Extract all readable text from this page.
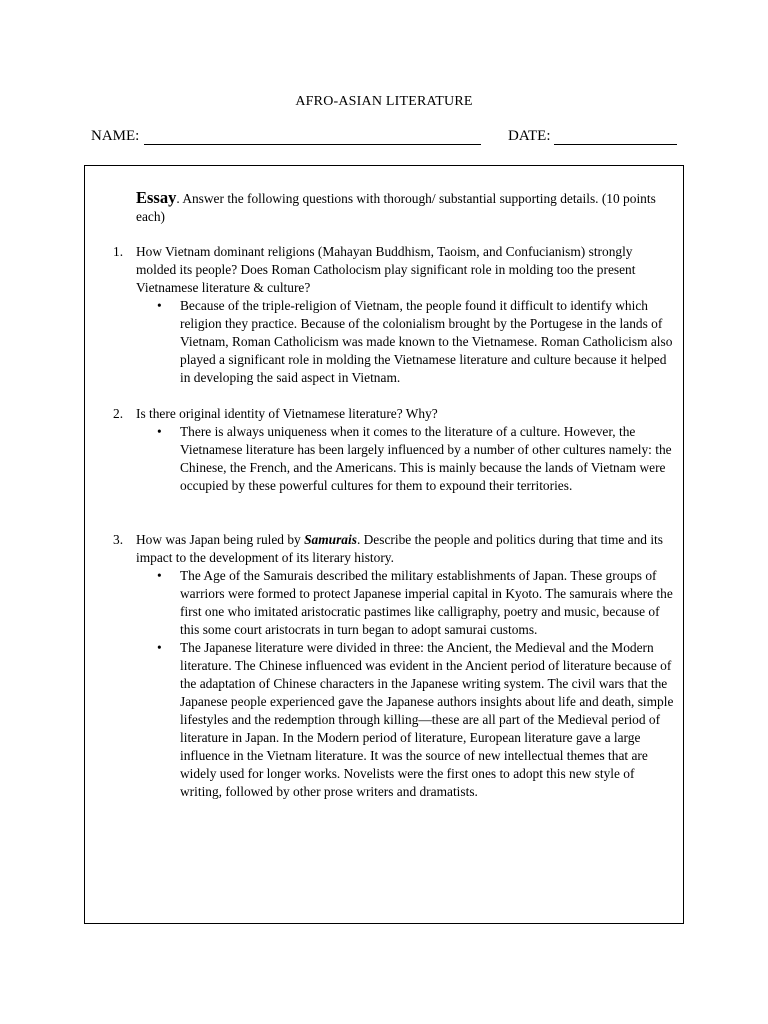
AFRO-ASIAN LITERATURE
NAME:	DATE:
Essay. Answer the following questions with thorough/ substantial supporting details. (10 points each)
1. How Vietnam dominant religions (Mahayan Buddhism, Taoism, and Confucianism) strongly molded its people? Does Roman Catholocism play significant role in molding too the present Vietnamese literature & culture?
• Because of the triple-religion of Vietnam, the people found it difficult to identify which religion they practice. Because of the colonialism brought by the Portugese in the lands of Vietnam, Roman Catholicism was made known to the Vietnamese. Roman Catholicism also played a significant role in molding the Vietnamese literature and culture because it helped in developing the said aspect in Vietnam.
2. Is there original identity of Vietnamese literature? Why?
• There is always uniqueness when it comes to the literature of a culture. However, the Vietnamese literature has been largely influenced by a number of other cultures namely: the Chinese, the French, and the Americans. This is mainly because the lands of Vietnam were occupied by these powerful cultures for them to expound their territories.
3. How was Japan being ruled by Samurais. Describe the people and politics during that time and its impact to the development of its literary history.
• The Age of the Samurais described the military establishments of Japan. These groups of warriors were formed to protect Japanese imperial capital in Kyoto. The samurais where the first one who imitated aristocratic pastimes like calligraphy, poetry and music, because of this some court aristocrats in turn began to adopt samurai customs.
• The Japanese literature were divided in three: the Ancient, the Medieval and the Modern literature. The Chinese influenced was evident in the Ancient period of literature because of the adaptation of Chinese characters in the Japanese writing system. The civil wars that the Japanese people experienced gave the Japanese authors insights about life and death, simple lifestyles and the redemption through killing—these are all part of the Medieval period of literature in Japan. In the Modern period of literature, European literature gave a large influence in the Vietnam literature. It was the source of new intellectual themes that are widely used for longer works. Novelists were the first ones to adopt this new style of writing, followed by other prose writers and dramatists.
